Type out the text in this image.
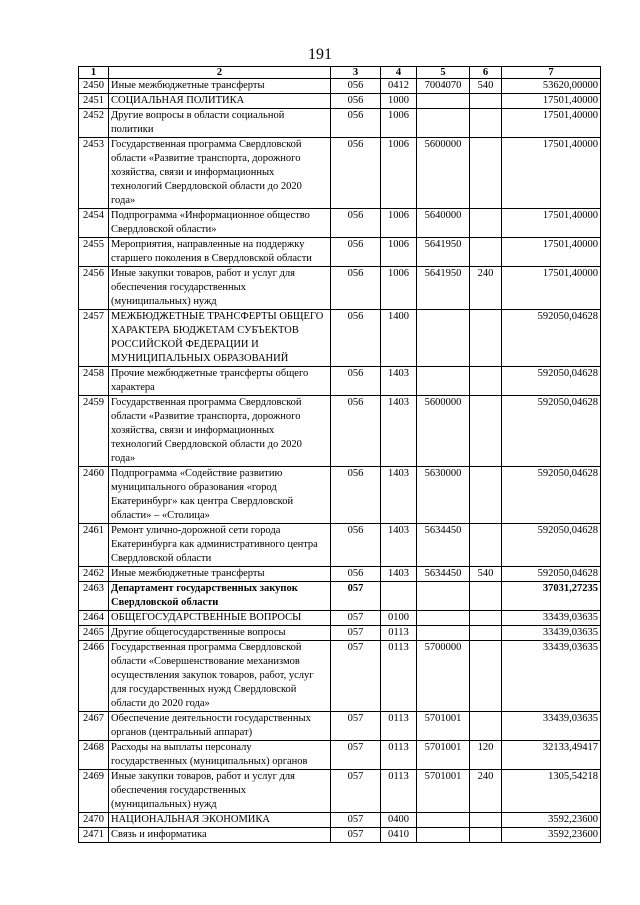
191
1	2	3	4	5	6	7
2450	Иные межбюджетные трансферты	056	0412	7004070	540	53620,00000
2451	СОЦИАЛЬНАЯ ПОЛИТИКА	056	1000			17501,40000
2452	Другие вопросы в области социальной политики	056	1006			17501,40000
2453	Государственная программа Свердловской области «Развитие транспорта, дорожного хозяйства, связи и информационных технологий Свердловской области до 2020 года»	056	1006	5600000		17501,40000
2454	Подпрограмма «Информационное общество Свердловской области»	056	1006	5640000		17501,40000
2455	Мероприятия, направленные на поддержку старшего поколения в Свердловской области	056	1006	5641950		17501,40000
2456	Иные закупки товаров, работ и услуг для обеспечения государственных (муниципальных) нужд	056	1006	5641950	240	17501,40000
2457	МЕЖБЮДЖЕТНЫЕ ТРАНСФЕРТЫ ОБЩЕГО ХАРАКТЕРА БЮДЖЕТАМ СУБЪЕКТОВ РОССИЙСКОЙ ФЕДЕРАЦИИ И МУНИЦИПАЛЬНЫХ ОБРАЗОВАНИЙ	056	1400			592050,04628
2458	Прочие межбюджетные трансферты общего характера	056	1403			592050,04628
2459	Государственная программа Свердловской области «Развитие транспорта, дорожного хозяйства, связи и информационных технологий Свердловской области до 2020 года»	056	1403	5600000		592050,04628
2460	Подпрограмма «Содействие развитию муниципального образования «город Екатеринбург» как центра Свердловской области» – «Столица»	056	1403	5630000		592050,04628
2461	Ремонт улично-дорожной сети города Екатеринбурга как административного центра Свердловской области	056	1403	5634450		592050,04628
2462	Иные межбюджетные трансферты	056	1403	5634450	540	592050,04628
2463	Департамент государственных закупок Свердловской области	057				37031,27235
2464	ОБЩЕГОСУДАРСТВЕННЫЕ ВОПРОСЫ	057	0100			33439,03635
2465	Другие общегосударственные вопросы	057	0113			33439,03635
2466	Государственная программа Свердловской области «Совершенствование механизмов осуществления закупок товаров, работ, услуг для государственных нужд Свердловской области до 2020 года»	057	0113	5700000		33439,03635
2467	Обеспечение деятельности государственных органов (центральный аппарат)	057	0113	5701001		33439,03635
2468	Расходы на выплаты персоналу государственных (муниципальных) органов	057	0113	5701001	120	32133,49417
2469	Иные закупки товаров, работ и услуг для обеспечения государственных (муниципальных) нужд	057	0113	5701001	240	1305,54218
2470	НАЦИОНАЛЬНАЯ ЭКОНОМИКА	057	0400			3592,23600
2471	Связь и информатика	057	0410			3592,23600
